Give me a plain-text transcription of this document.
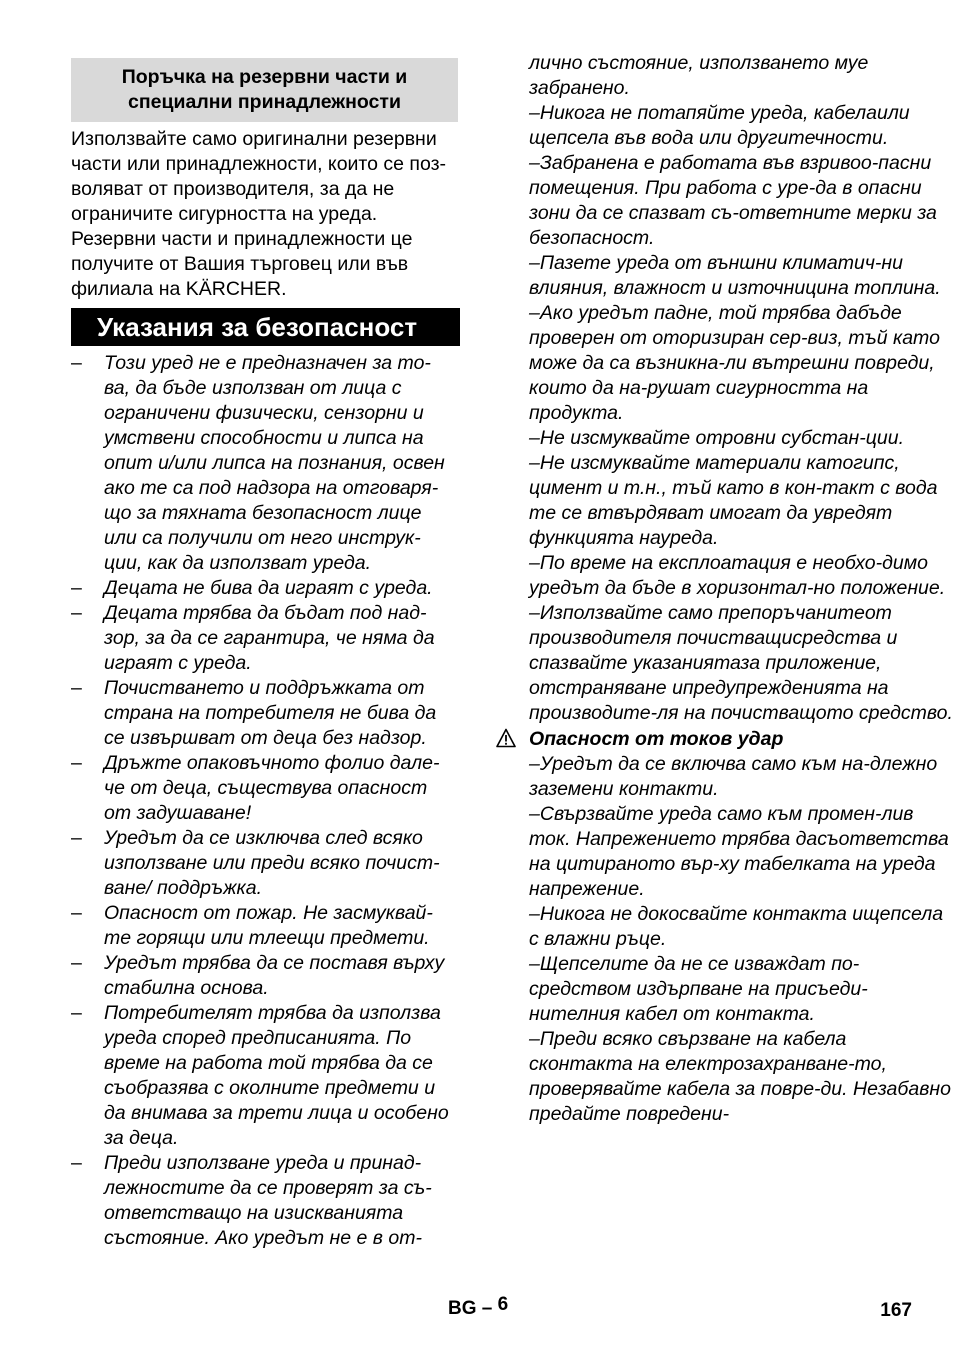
Поръчка на резервни части и
специални принадлежности
Използвайте само оригинални резервни
части или принадлежности, които се поз-
воляват от производителя, за да не
ограничите сигурността на уреда.
Резервни части и принадлежности це
получите от Вашия търговец или във
филиала на KÄRCHER.
Указания за безопасност
– Този уред не е предназначен за то-
ва, да бъде използван от лица с
ограничени физически, сензорни и
умствени способности и липса на
опит и/или липса на познания, освен
ако те са под надзора на отговаря-
що за тяхната безопасност лице
или са получили от него инструк-
ции, как да използват уреда.
– Децата не бива да играят с уреда.
– Децата трябва да бъдат под над-
зор, за да се гарантира, че няма да
играят с уреда.
– Почистването и поддръжката от
страна на потребителя не бива да
се извършват от деца без надзор.
– Дръжте опаковъчното фолио дале-
че от деца, съществува опасност
от задушаване!
– Уредът да се изключва след всяко
използване или преди всяко почист-
ване/ поддръжка.
– Опасност от пожар. Не засмуквай-
те горящи или тлеещи предмети.
– Уредът трябва да се поставя върху
стабилна основа.
– Потребителят трябва да използва
уреда според предписанията. По
време на работа той трябва да се
съобразява с околните предмети и
да внимава за трети лица и особено
за деца.
– Преди използване уреда и принад-
лежностите да се проверят за съ-
ответстващо на изискванията
състояние. Ако уредът не е в от-
лично състояние, използването муе забранено.
–Никога не потапяйте уреда, кабелаили щепсела във вода или другитечности.
–Забранена е работата във взривоо-пасни помещения. При работа с уре-да в опасни зони да се спазват съ-ответните мерки за безопасност.
–Пазете уреда от външни климатич-ни влияния, влажност и източницина топлина.
–Ако уредът падне, той трябва дабъде проверен от оторизиран сер-виз, тъй като може да са възникна-ли вътрешни повреди, които да на-рушат сигурността на продукта.
–Не изсмуквайте отровни субстан-ции.
–Не изсмуквайте материали катогипс, цимент и т.н., тъй като в кон-такт с вода те се втвърдяват имогат да увредят функцията науреда.
–По време на експлоатация е необхо-димо уредът да бъде в хоризонтал-но положение.
–Използвайте само препоръчанитеот производителя почистващисредства и спазвайте указаниятаза приложение, отстраняване ипредупрежденията на производите-ля на почистващото средство.
Опасност от токов удар
–Уредът да се включва само към на-длежно заземени контакти.
–Свързвайте уреда само към промен-лив ток. Напрежението трябва дасъответства на цитираното вър-ху табелката на уреда напрежение.
–Никога не докосвайте контакта ищепсела с влажни ръце.
–Щепселите да не се изваждат по-средством издърпване на присъеди-нителния кабел от контакта.
–Преди всяко свързване на кабела сконтакта на електрозахранване-то, проверявайте кабела за повре-ди. Незабавно предайте повредени-
BG – 6	167
